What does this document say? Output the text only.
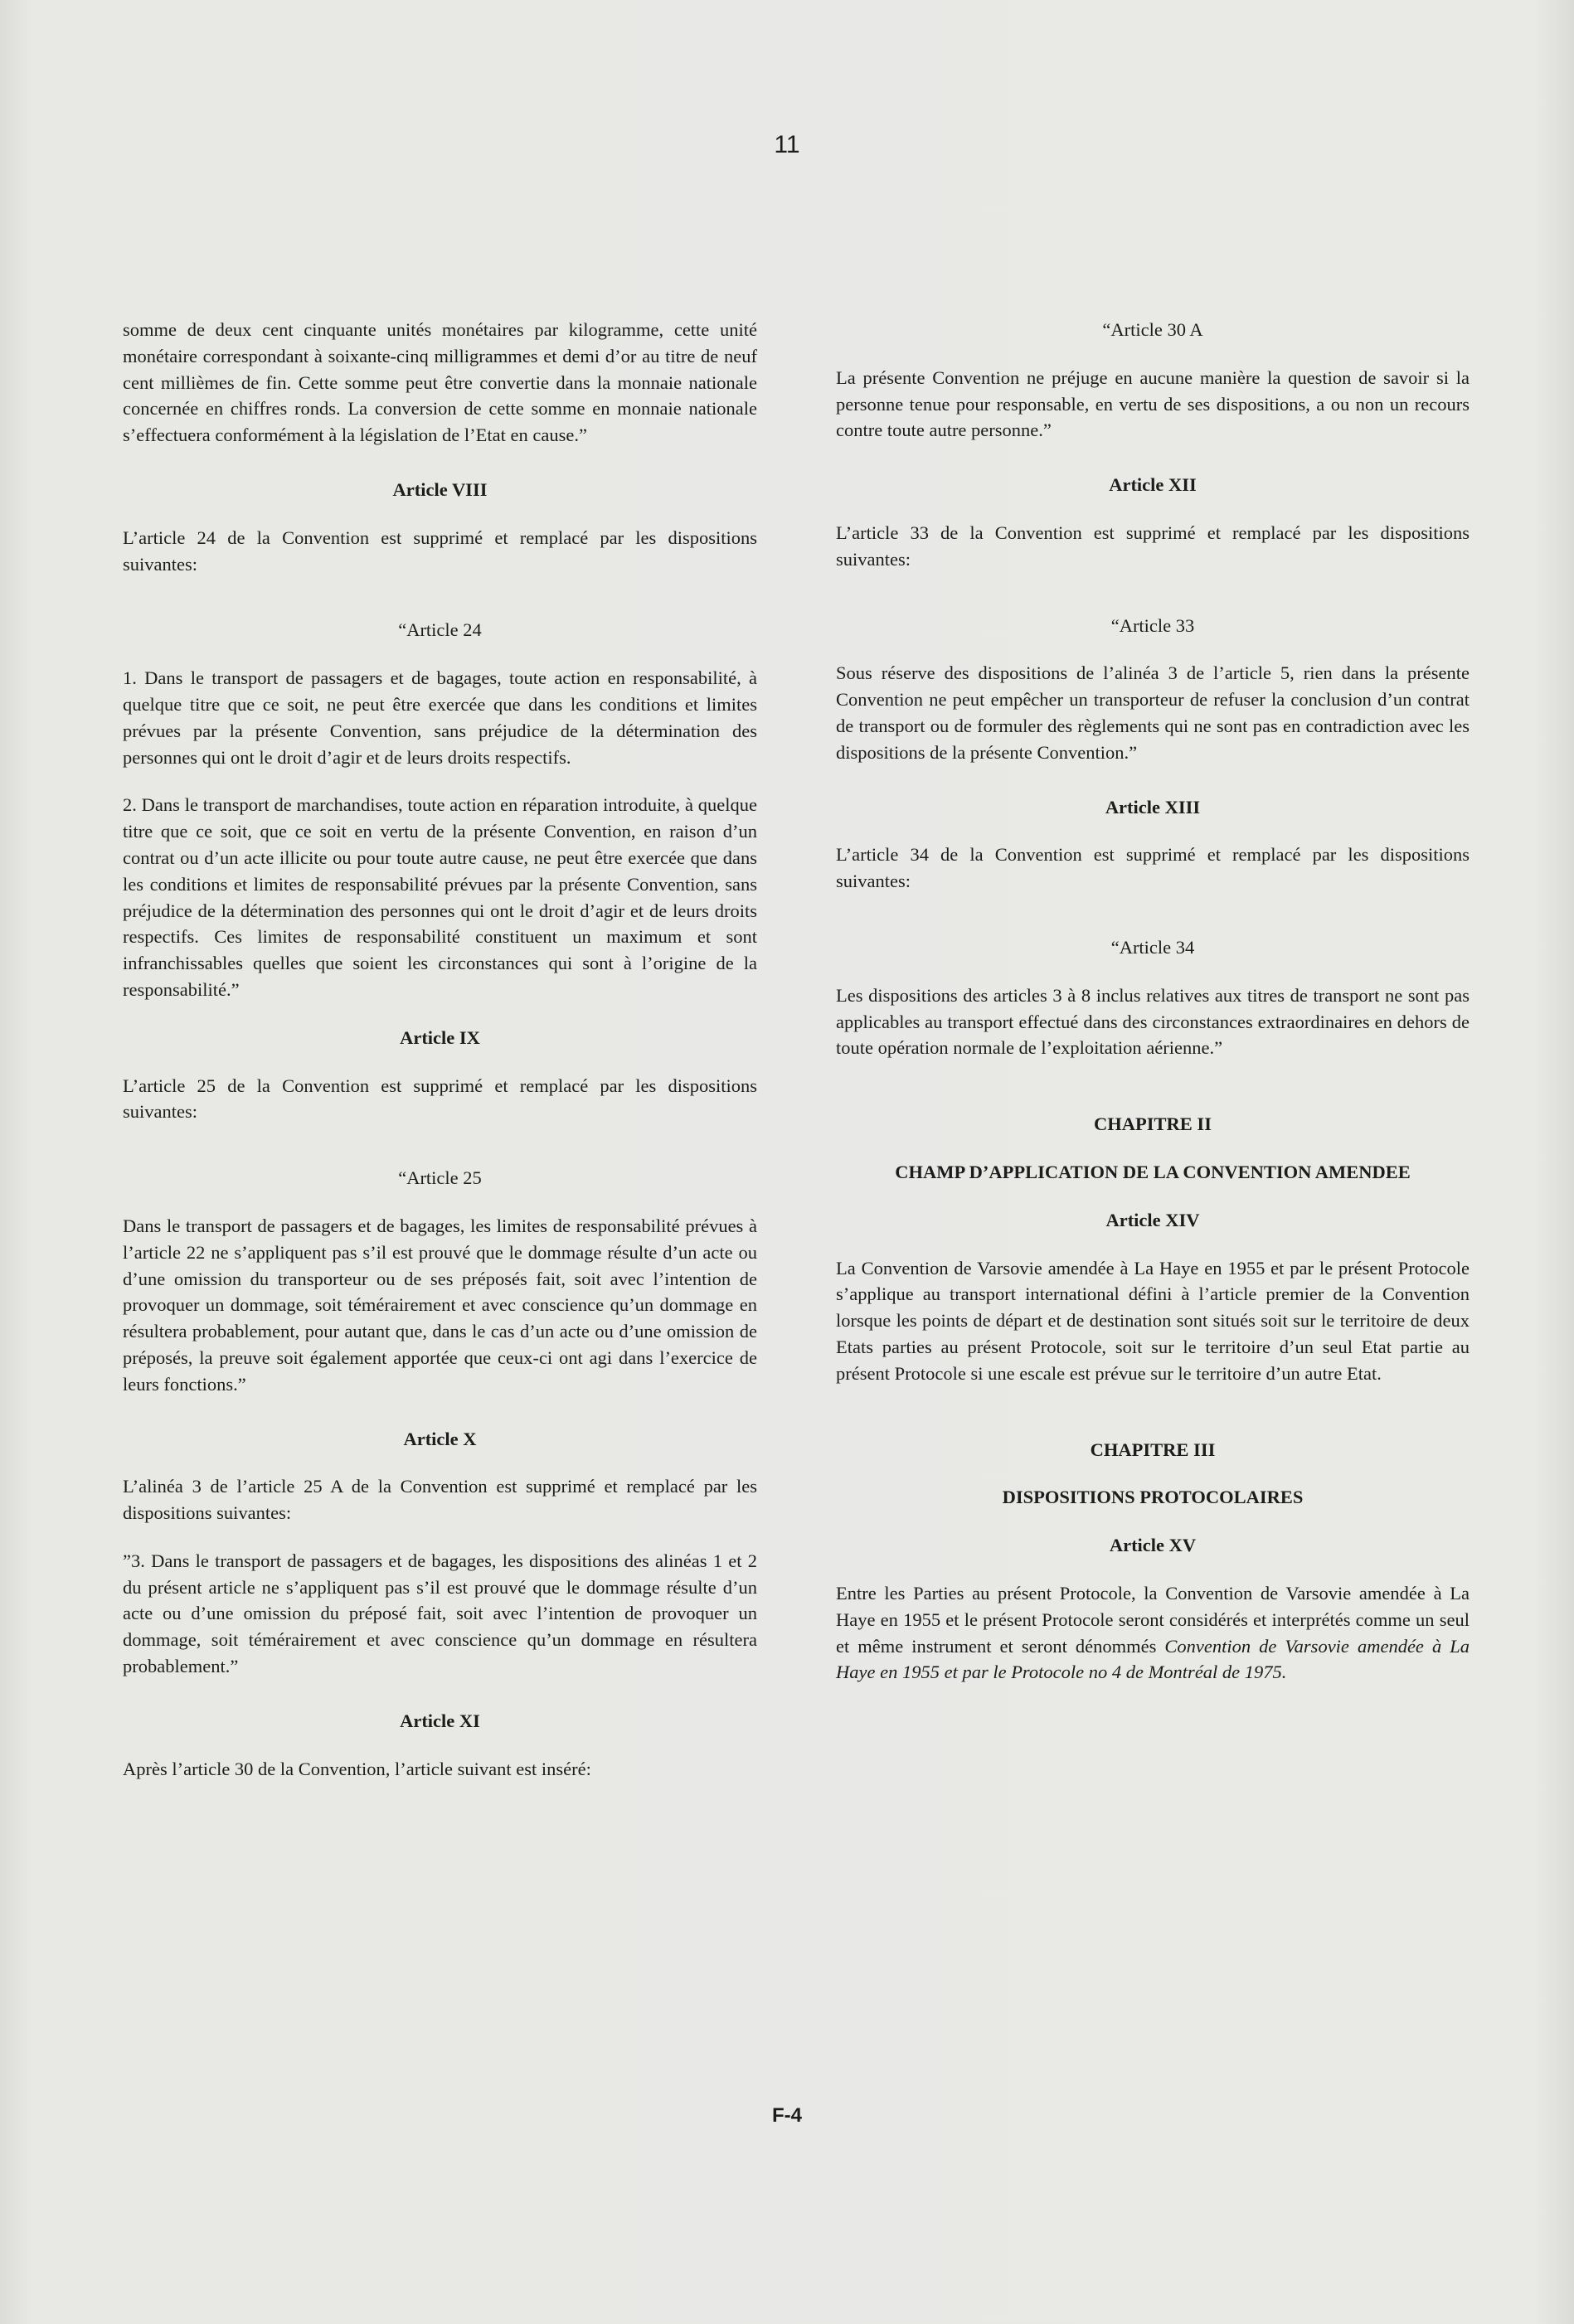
11

somme de deux cent cinquante unités monétaires par kilogramme, cette unité monétaire correspondant à soixante-cinq milligrammes et demi d’or au titre de neuf cent millièmes de fin. Cette somme peut être convertie dans la monnaie nationale concernée en chiffres ronds. La conversion de cette somme en monnaie nationale s’effectuera conformément à la législation de l’Etat en cause.”

Article VIII

L’article 24 de la Convention est supprimé et remplacé par les dispositions suivantes:

“Article 24

1. Dans le transport de passagers et de bagages, toute action en responsabilité, à quelque titre que ce soit, ne peut être exercée que dans les conditions et limites prévues par la présente Convention, sans préjudice de la détermination des personnes qui ont le droit d’agir et de leurs droits respectifs.

2. Dans le transport de marchandises, toute action en réparation introduite, à quelque titre que ce soit, que ce soit en vertu de la présente Convention, en raison d’un contrat ou d’un acte illicite ou pour toute autre cause, ne peut être exercée que dans les conditions et limites de responsabilité prévues par la présente Convention, sans préjudice de la détermination des personnes qui ont le droit d’agir et de leurs droits respectifs. Ces limites de responsabilité constituent un maximum et sont infranchissables quelles que soient les circonstances qui sont à l’origine de la responsabilité.”

Article IX

L’article 25 de la Convention est supprimé et remplacé par les dispositions suivantes:

“Article 25

Dans le transport de passagers et de bagages, les limites de responsabilité prévues à l’article 22 ne s’appliquent pas s’il est prouvé que le dommage résulte d’un acte ou d’une omission du transporteur ou de ses préposés fait, soit avec l’intention de provoquer un dommage, soit témérairement et avec conscience qu’un dommage en résultera probablement, pour autant que, dans le cas d’un acte ou d’une omission de préposés, la preuve soit également apportée que ceux-ci ont agi dans l’exercice de leurs fonctions.”

Article X

L’alinéa 3 de l’article 25 A de la Convention est supprimé et remplacé par les dispositions suivantes:

”3. Dans le transport de passagers et de bagages, les dispositions des alinéas 1 et 2 du présent article ne s’appliquent pas s’il est prouvé que le dommage résulte d’un acte ou d’une omission du préposé fait, soit avec l’intention de provoquer un dommage, soit témérairement et avec conscience qu’un dommage en résultera probablement.”

Article XI

Après l’article 30 de la Convention, l’article suivant est inséré:

“Article 30 A

La présente Convention ne préjuge en aucune manière la question de savoir si la personne tenue pour responsable, en vertu de ses dispositions, a ou non un recours contre toute autre personne.”

Article XII

L’article 33 de la Convention est supprimé et remplacé par les dispositions suivantes:

“Article 33

Sous réserve des dispositions de l’alinéa 3 de l’article 5, rien dans la présente Convention ne peut empêcher un transporteur de refuser la conclusion d’un contrat de transport ou de formuler des règlements qui ne sont pas en contradiction avec les dispositions de la présente Convention.”

Article XIII

L’article 34 de la Convention est supprimé et remplacé par les dispositions suivantes:

“Article 34

Les dispositions des articles 3 à 8 inclus relatives aux titres de transport ne sont pas applicables au transport effectué dans des circonstances extraordinaires en dehors de toute opération normale de l’exploitation aérienne.”

CHAPITRE II
CHAMP D’APPLICATION DE LA CONVENTION AMENDEE
Article XIV

La Convention de Varsovie amendée à La Haye en 1955 et par le présent Protocole s’applique au transport international défini à l’article premier de la Convention lorsque les points de départ et de destination sont situés soit sur le territoire de deux Etats parties au présent Protocole, soit sur le territoire d’un seul Etat partie au présent Protocole si une escale est prévue sur le territoire d’un autre Etat.

CHAPITRE III
DISPOSITIONS PROTOCOLAIRES
Article XV

Entre les Parties au présent Protocole, la Convention de Varsovie amendée à La Haye en 1955 et le présent Protocole seront considérés et interprétés comme un seul et même instrument et seront dénommés Convention de Varsovie amendée à La Haye en 1955 et par le Protocole no 4 de Montréal de 1975.

F-4
